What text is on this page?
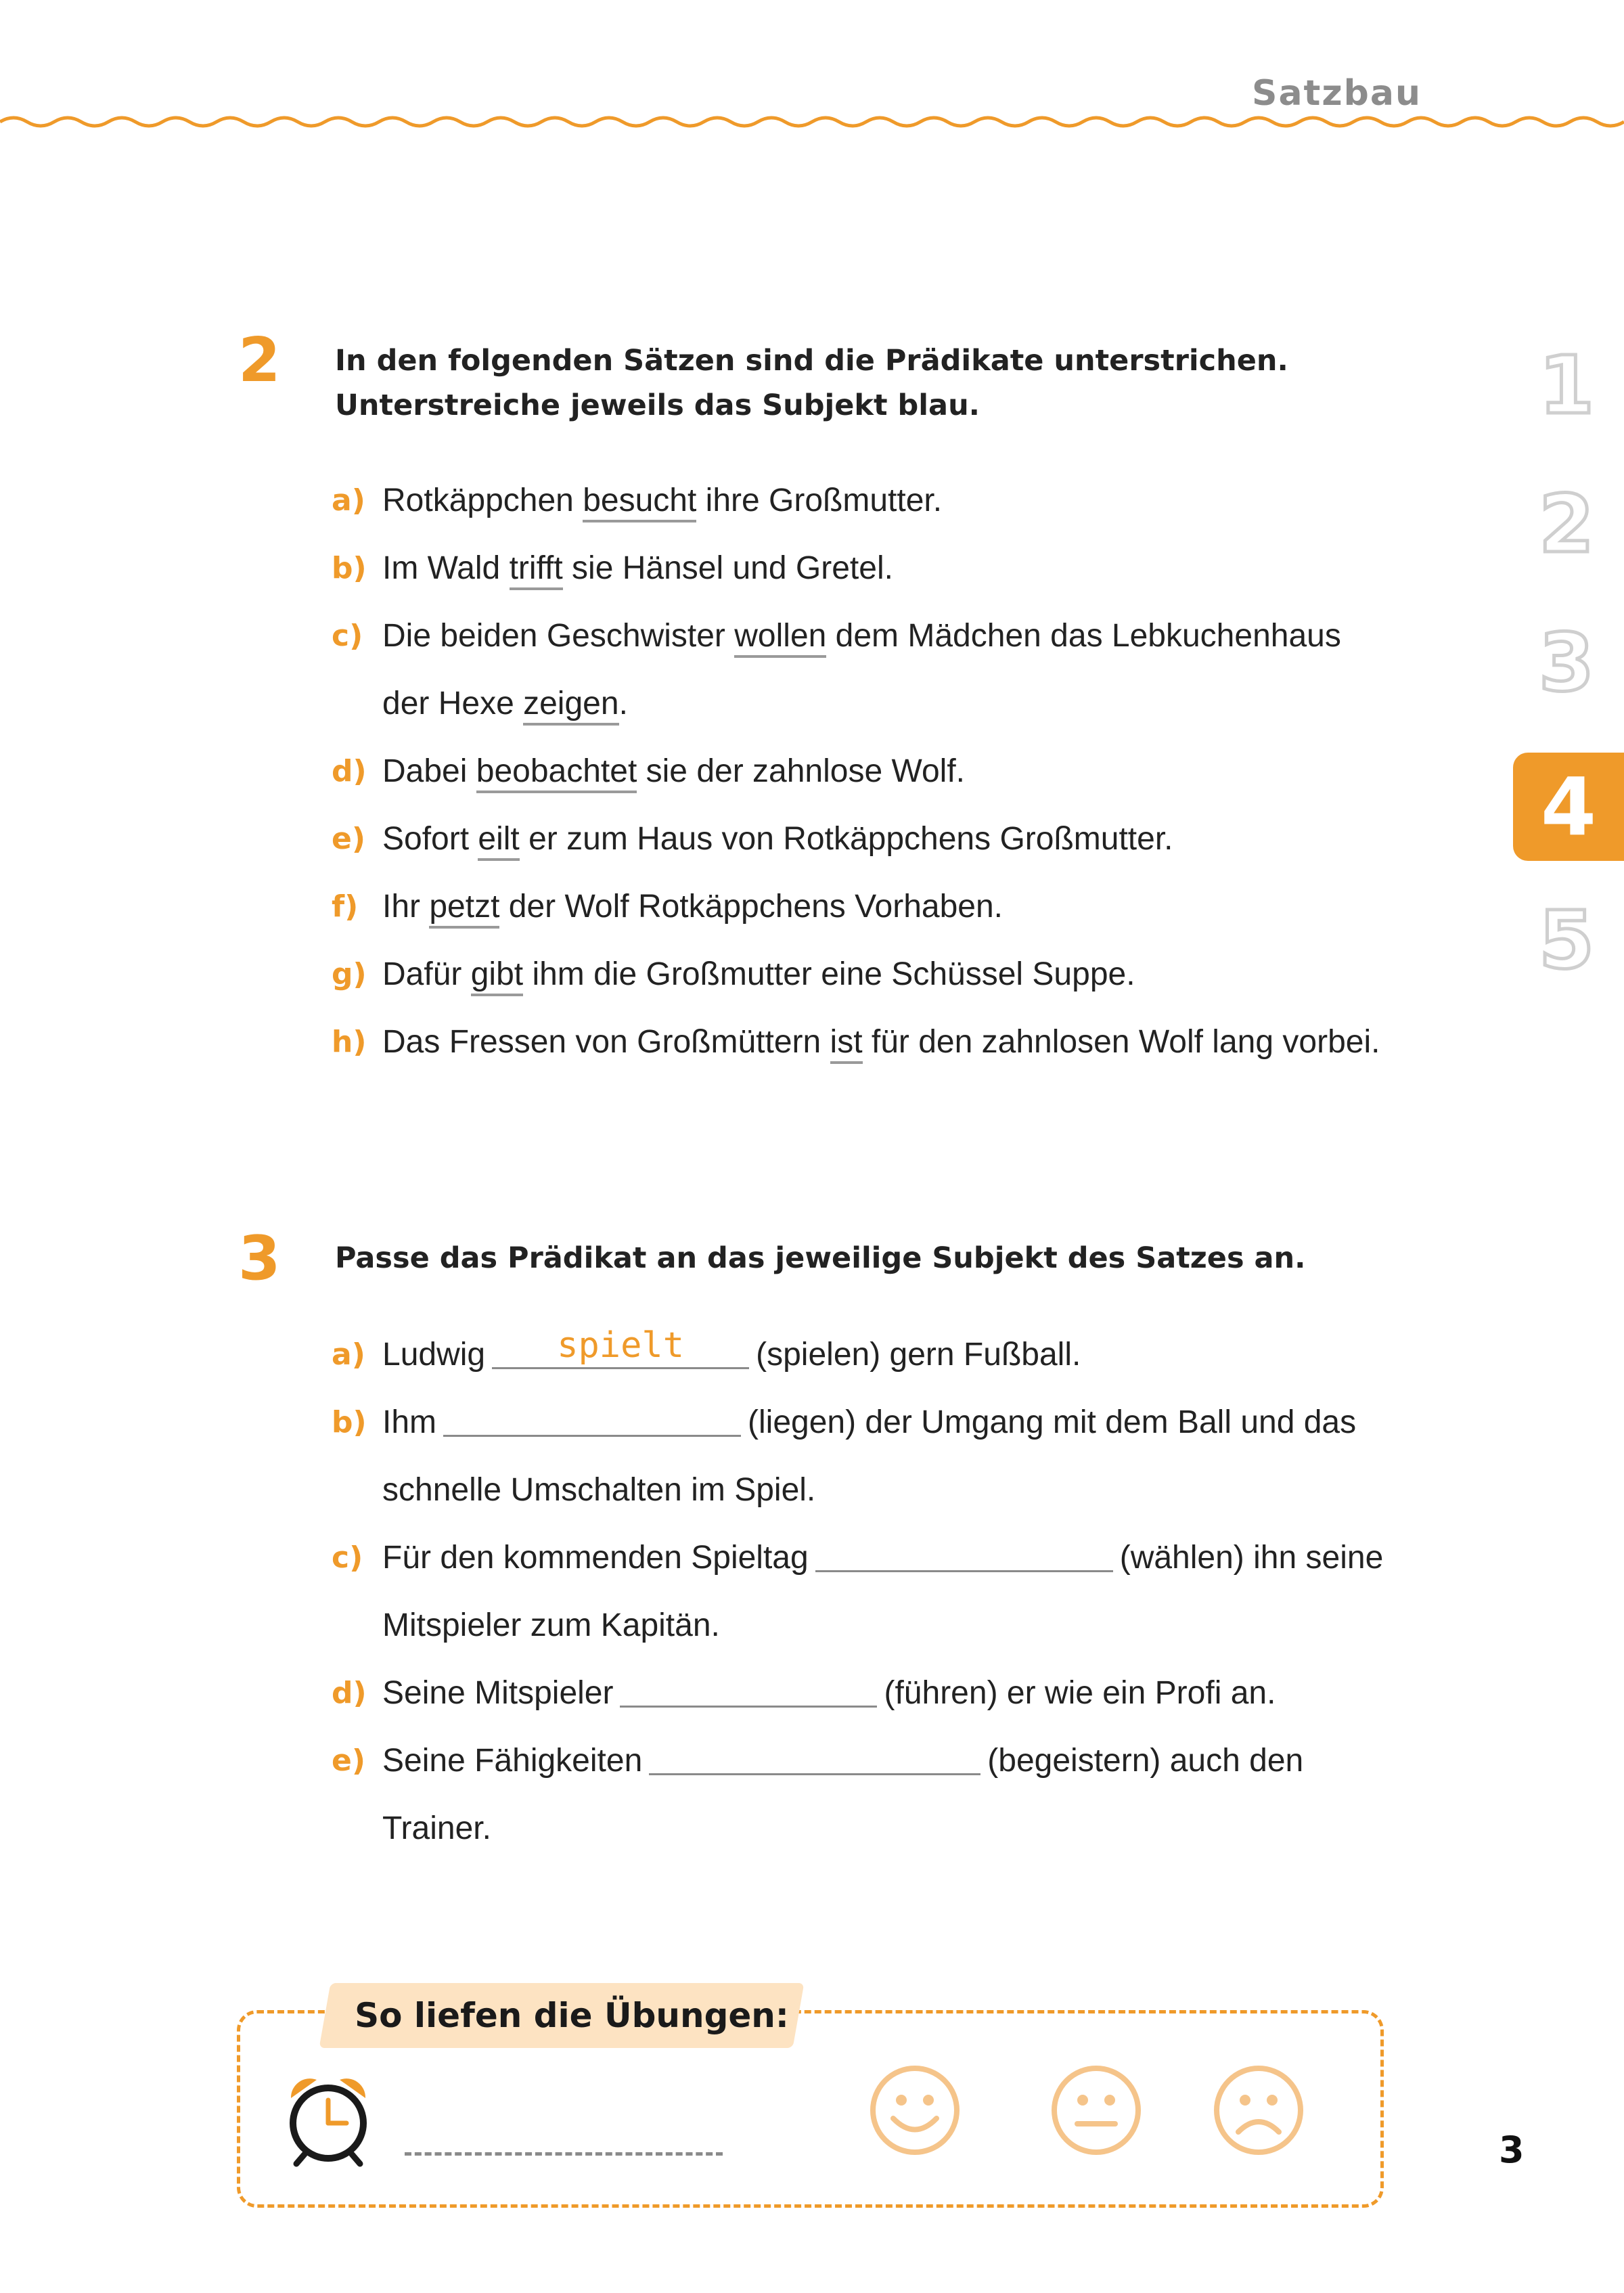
Satzbau
1
2
3
4
5
2 In den folgenden Sätzen sind die Prädikate unterstrichen. Unterstreiche jeweils das Subjekt blau.
a) Rotkäppchen besucht ihre Großmutter.
b) Im Wald trifft sie Hänsel und Gretel.
c) Die beiden Geschwister wollen dem Mädchen das Lebkuchenhaus der Hexe zeigen.
d) Dabei beobachtet sie der zahnlose Wolf.
e) Sofort eilt er zum Haus von Rotkäppchens Großmutter.
f) Ihr petzt der Wolf Rotkäppchens Vorhaben.
g) Dafür gibt ihm die Großmutter eine Schüssel Suppe.
h) Das Fressen von Großmüttern ist für den zahnlosen Wolf lang vorbei.
3 Passe das Prädikat an das jeweilige Subjekt des Satzes an.
a) Ludwig	spielt	(spielen) gern Fußball.
b) Ihm	(liegen) der Umgang mit dem Ball und das schnelle Umschalten im Spiel.
c) Für den kommenden Spieltag	(wählen) ihn seine Mitspieler zum Kapitän.
d) Seine Mitspieler	(führen) er wie ein Profi an.
e) Seine Fähigkeiten	(begeistern) auch den Trainer.
So liefen die Übungen:
3
